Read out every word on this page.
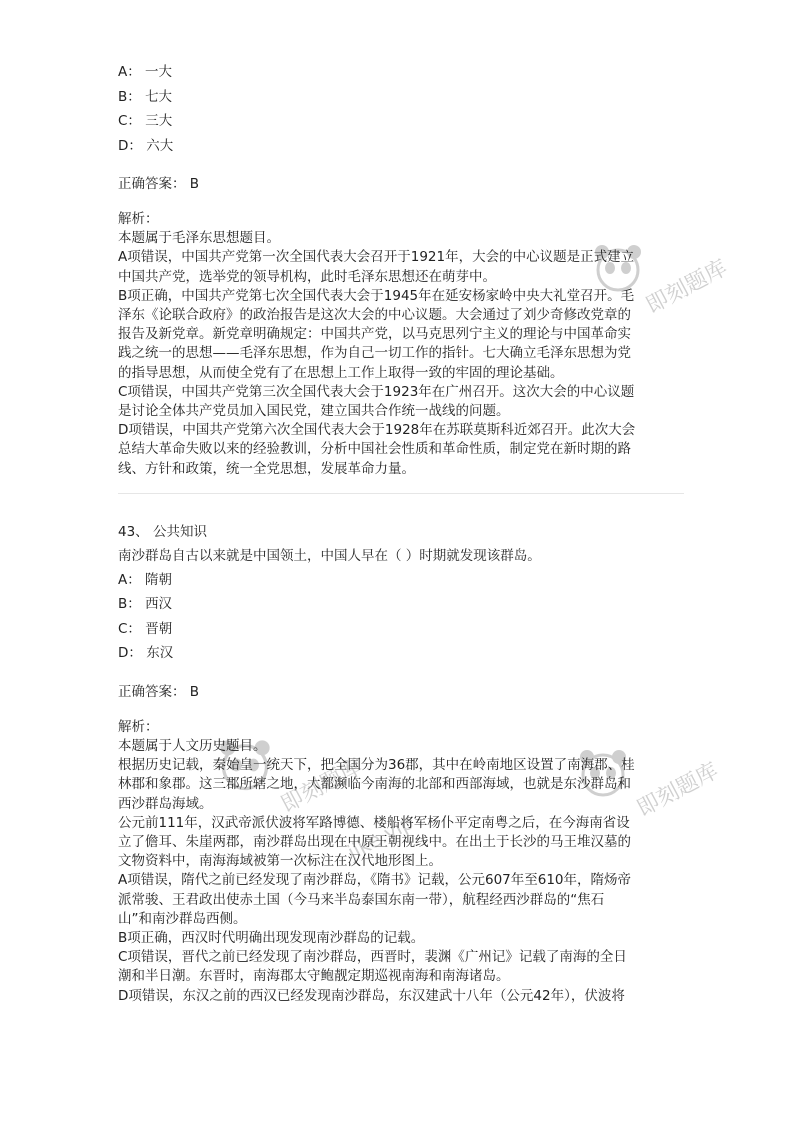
即刻题库
即刻题库
jike.vip
即刻题库
A： 一大
B： 七大
C： 三大
D： 六大
正确答案： B
解析：
本题属于毛泽东思想题目。
A项错误，中国共产党第一次全国代表大会召开于1921年，大会的中心议题是正式建立
中国共产党，选举党的领导机构，此时毛泽东思想还在萌芽中。
B项正确，中国共产党第七次全国代表大会于1945年在延安杨家岭中央大礼堂召开。毛
泽东《论联合政府》的政治报告是这次大会的中心议题。大会通过了刘少奇修改党章的
报告及新党章。新党章明确规定：中国共产党，以马克思列宁主义的理论与中国革命实
践之统一的思想——毛泽东思想，作为自己一切工作的指针。七大确立毛泽东思想为党
的指导思想，从而使全党有了在思想上工作上取得一致的牢固的理论基础。
C项错误，中国共产党第三次全国代表大会于1923年在广州召开。这次大会的中心议题
是讨论全体共产党员加入国民党，建立国共合作统一战线的问题。
D项错误，中国共产党第六次全国代表大会于1928年在苏联莫斯科近郊召开。此次大会
总结大革命失败以来的经验教训，分析中国社会性质和革命性质，制定党在新时期的路
线、方针和政策，统一全党思想，发展革命力量。
43、 公共知识
南沙群岛自古以来就是中国领土，中国人早在（ ）时期就发现该群岛。
A： 隋朝
B： 西汉
C： 晋朝
D： 东汉
正确答案： B
解析：
本题属于人文历史题目。
根据历史记载，秦始皇一统天下，把全国分为36郡，其中在岭南地区设置了南海郡、桂
林郡和象郡。这三郡所辖之地，大都濒临今南海的北部和西部海域，也就是东沙群岛和
西沙群岛海域。
公元前111年，汉武帝派伏波将军路博德、楼船将军杨仆平定南粤之后，在今海南省设
立了儋耳、朱崖两郡，南沙群岛出现在中原王朝视线中。在出土于长沙的马王堆汉墓的
文物资料中，南海海域被第一次标注在汉代地形图上。
A项错误，隋代之前已经发现了南沙群岛，《隋书》记载，公元607年至610年，隋炀帝
派常骏、王君政出使赤土国（今马来半岛泰国东南一带），航程经西沙群岛的“焦石
山”和南沙群岛西侧。
B项正确，西汉时代明确出现发现南沙群岛的记载。
C项错误，晋代之前已经发现了南沙群岛，西晋时，裴渊《广州记》记载了南海的全日
潮和半日潮。东晋时，南海郡太守鲍靓定期巡视南海和南海诸岛。
D项错误，东汉之前的西汉已经发现南沙群岛，东汉建武十八年（公元42年），伏波将
